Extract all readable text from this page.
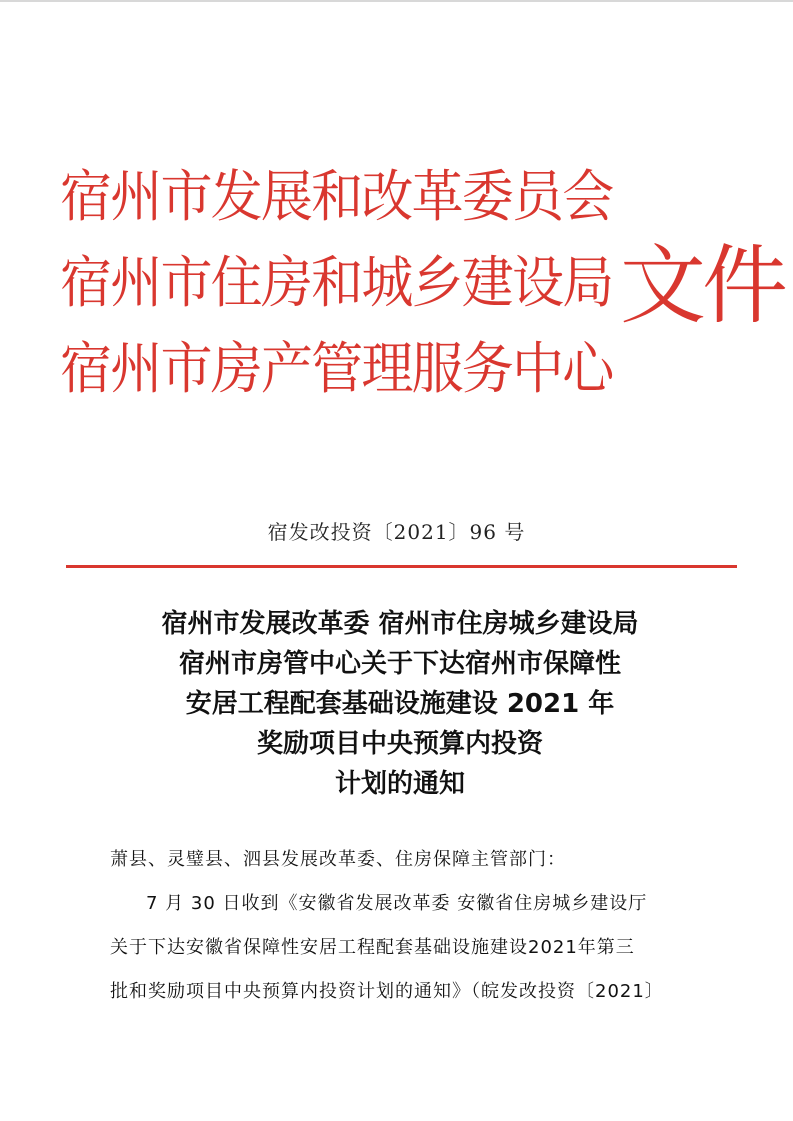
宿州市发展和改革委员会
宿州市住房和城乡建设局
宿州市房产管理服务中心
文件
宿发改投资〔2021〕96 号
宿州市发展改革委 宿州市住房城乡建设局
宿州市房管中心关于下达宿州市保障性
安居工程配套基础设施建设 2021 年
奖励项目中央预算内投资
计划的通知
萧县、灵璧县、泗县发展改革委、住房保障主管部门：
7 月 30 日收到《安徽省发展改革委 安徽省住房城乡建设厅
关于下达安徽省保障性安居工程配套基础设施建设2021年第三
批和奖励项目中央预算内投资计划的通知》（皖发改投资〔2021〕
